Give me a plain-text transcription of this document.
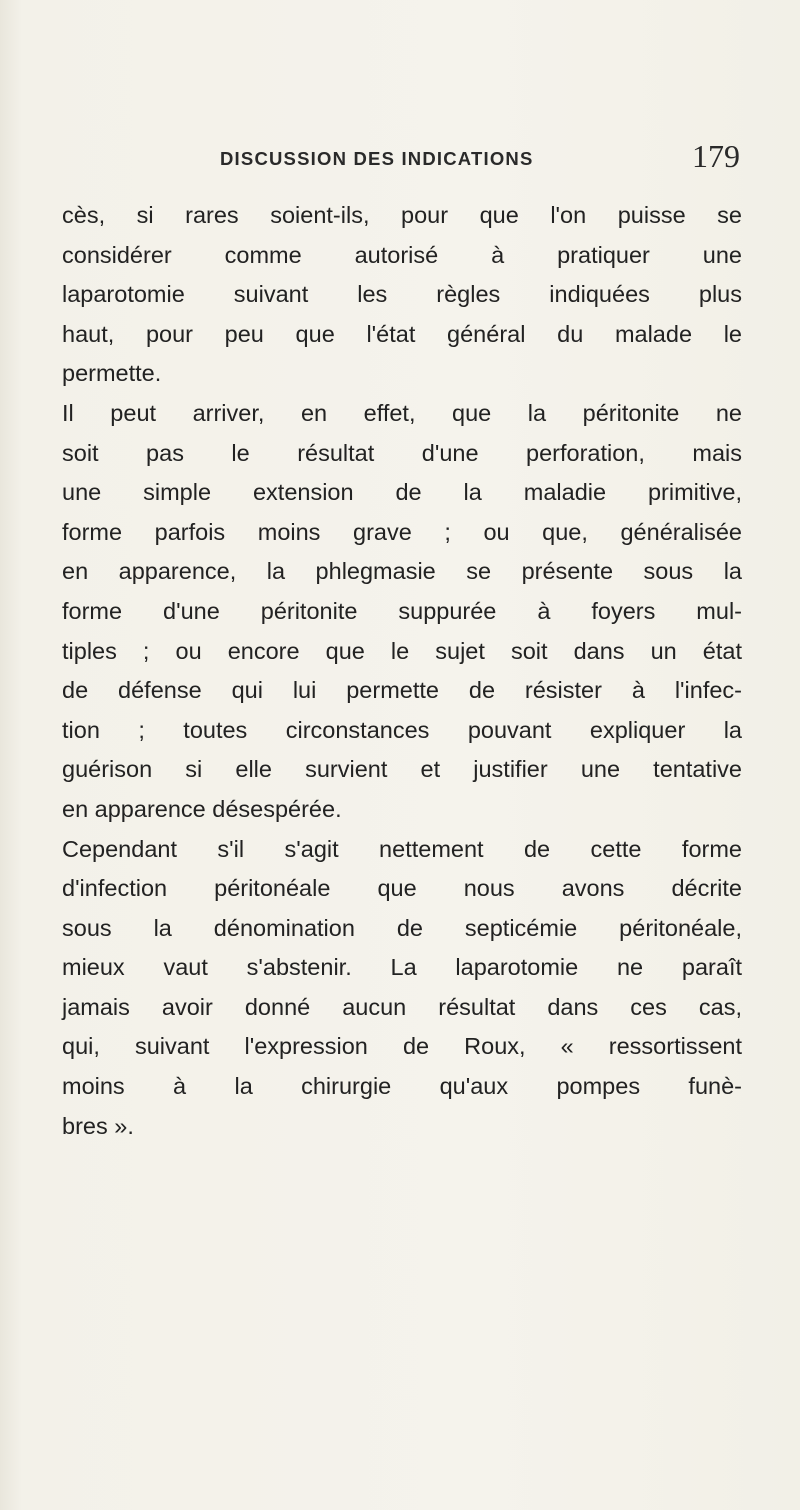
DISCUSSION DES INDICATIONS	179
cès, si rares soient-ils, pour que l'on puisse se
considérer comme autorisé à pratiquer une
laparotomie suivant les règles indiquées plus
haut, pour peu que l'état général du malade le
permette.
Il peut arriver, en effet, que la péritonite ne
soit pas le résultat d'une perforation, mais
une simple extension de la maladie primitive,
forme parfois moins grave ; ou que, généralisée
en apparence, la phlegmasie se présente sous la
forme d'une péritonite suppurée à foyers mul-
tiples ; ou encore que le sujet soit dans un état
de défense qui lui permette de résister à l'infec-
tion ; toutes circonstances pouvant expliquer la
guérison si elle survient et justifier une tentative
en apparence désespérée.
Cependant s'il s'agit nettement de cette forme
d'infection péritonéale que nous avons décrite
sous la dénomination de septicémie péritonéale,
mieux vaut s'abstenir. La laparotomie ne paraît
jamais avoir donné aucun résultat dans ces cas,
qui, suivant l'expression de Roux, « ressortissent
moins à la chirurgie qu'aux pompes funè-
bres ».
